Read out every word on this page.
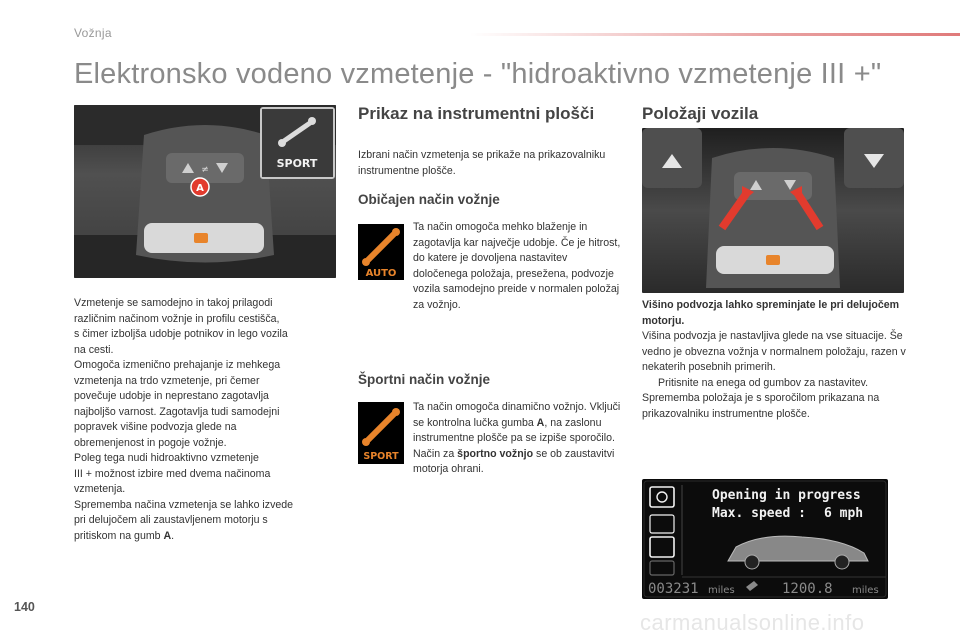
Vožnja
Elektronsko vodeno vzmetenje - "hidroaktivno vzmetenje III +"
≠
A
SPORT
Vzmetenje se samodejno in takoj prilagodi
različnim načinom vožnje in profilu cestišča,
s čimer izboljša udobje potnikov in lego vozila
na cesti.
Omogoča izmenično prehajanje iz mehkega
vzmetenja na trdo vzmetenje, pri čemer
povečuje udobje in neprestano zagotavlja
najboljšo varnost. Zagotavlja tudi samodejni
popravek višine podvozja glede na
obremenjenost in pogoje vožnje.
Poleg tega nudi hidroaktivno vzmetenje
III + možnost izbire med dvema načinoma
vzmetenja.
Sprememba načina vzmetenja se lahko izvede
pri delujočem ali zaustavljenem motorju s
pritiskom na gumb A.
Prikaz na instrumentni plošči

Izbrani način vzmetenja se prikaže na prikazovalniku instrumentne plošče.

Običajen način vožnje
AUTO

Ta način omogoča mehko blaženje in zagotavlja kar največje udobje. Če je hitrost, do katere je dovoljena nastavitev določenega položaja, presežena, podvozje vozila samodejno preide v normalen položaj za vožnjo.

Športni način vožnje
SPORT

Ta način omogoča dinamično vožnjo. Vključi se kontrolna lučka gumba A, na zaslonu instrumentne plošče pa se izpiše sporočilo.
Način za športno vožnjo se ob zaustavitvi motorja ohrani.

Položaji vozila

Višino podvozja lahko spreminjate le pri delujočem motorju.

Višina podvozja je nastavljiva glede na vse situacije. Še vedno je obvezna vožnja v normalnem položaju, razen v nekaterih posebnih primerih.

Pritisnite na enega od gumbov za nastavitev.

Sprememba položaja je s sporočilom prikazana na prikazovalniku instrumentne plošče.

Opening in progress
Max. speed : 6 mph
003231 miles	1200.8 miles
140
carmanualsonline.info
